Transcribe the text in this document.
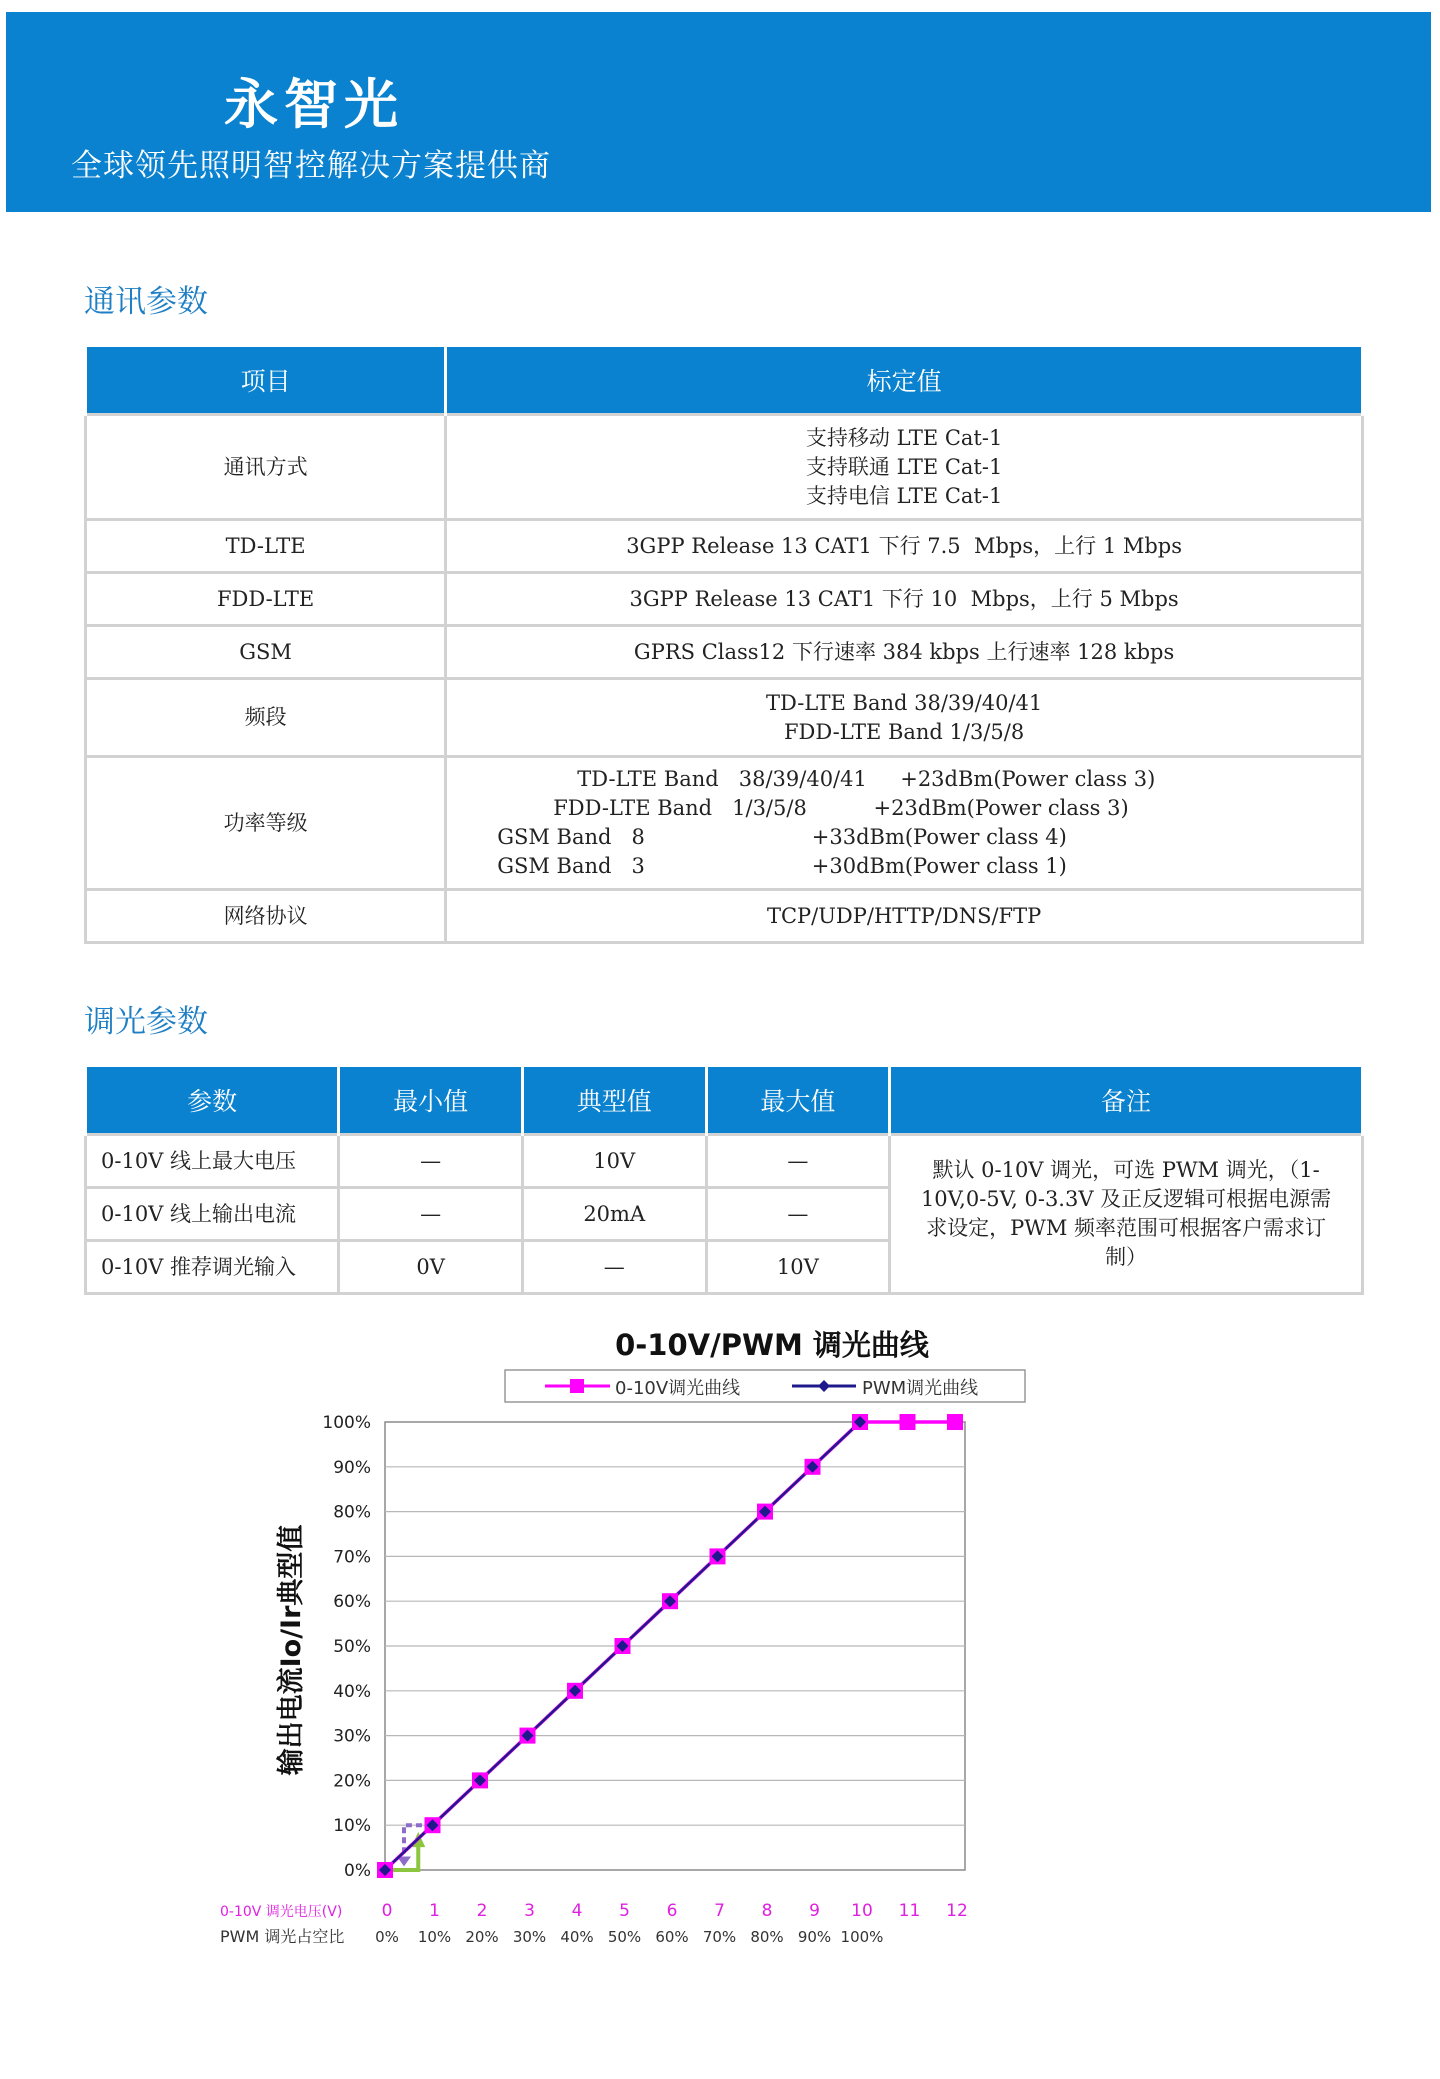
永智光
全球领先照明智控解决方案提供商
通讯参数
项目	标定值
通讯方式	支持移动 LTE Cat-1
支持联通 LTE Cat-1
支持电信 LTE Cat-1

TD-LTE	3GPP Release 13 CAT1 下行 7.5  Mbps，上行 1 Mbps

FDD-LTE	3GPP Release 13 CAT1 下行 10  Mbps，上行 5 Mbps

GSM	GPRS Class12 下行速率 384 kbps 上行速率 128 kbps

频段	TD-LTE Band 38/39/40/41
FDD-LTE Band 1/3/5/8

功率等级	TD-LTE Band   38/39/40/41     +23dBm(Power class 3)
FDD-LTE Band   1/3/5/8          +23dBm(Power class 3)
GSM Band   8                         +33dBm(Power class 4)
GSM Band   3                         +30dBm(Power class 1)

网络协议	TCP/UDP/HTTP/DNS/FTP
调光参数
参数	最小值	典型值	最大值	备注
0-10V 线上最大电压	—	10V	—	默认 0-10V 调光，可选 PWM 调光，（1-10V,0-5V, 0-3.3V 及正反逻辑可根据电源需求设定，PWM 频率范围可根据客户需求订制）
0-10V 线上输出电流	—	20mA	—	
0-10V 推荐调光输入	0V	—	10V	
0-10V/PWM 调光曲线
0-10V调光曲线	PWM调光曲线
0%
10%
20%
30%
40%
50%
60%
70%
80%
90%
100%
0 1 2 3 4 5 6 7 8 9 10 11 12
0% 10% 20% 30% 40% 50% 60% 70% 80% 90% 100%
输出电流Io/Ir典型值
0-10V 调光电压(V)
PWM 调光占空比
